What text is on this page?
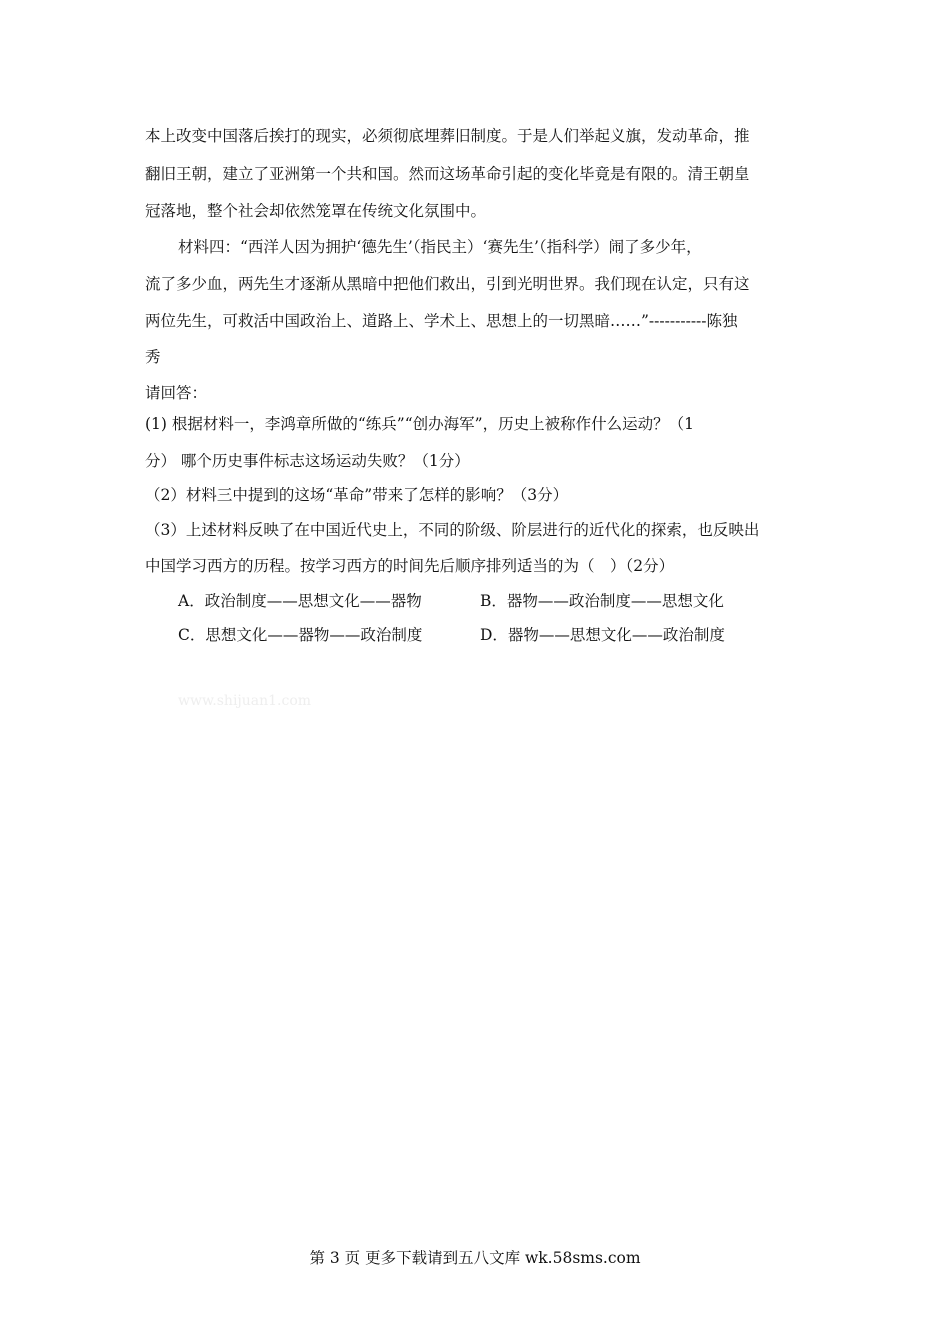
本上改变中国落后挨打的现实，必须彻底埋葬旧制度。于是人们举起义旗，发动革命，推
翻旧王朝，建立了亚洲第一个共和国。然而这场革命引起的变化毕竟是有限的。清王朝皇
冠落地，整个社会却依然笼罩在传统文化氛围中。
材料四：“西洋人因为拥护‘德先生’（指民主）‘赛先生’（指科学）闹了多少年，
流了多少血，两先生才逐渐从黑暗中把他们救出，引到光明世界。我们现在认定，只有这
两位先生，可救活中国政治上、道路上、学术上、思想上的一切黑暗……”-----------陈独
秀
请回答：
(1) 根据材料一，李鸿章所做的“练兵”“创办海军”，历史上被称作什么运动？（1
分） 哪个历史事件标志这场运动失败？（1分）
（2）材料三中提到的这场“革命”带来了怎样的影响？（3分）
（3）上述材料反映了在中国近代史上，不同的阶级、阶层进行的近代化的探索，也反映出
中国学习西方的历程。按学习西方的时间先后顺序排列适当的为（　）（2分）
A．政治制度——思想文化——器物	B．器物——政治制度——思想文化
C．思想文化——器物——政治制度	D．器物——思想文化——政治制度
www.shijuan1.com
第 3 页 更多下载请到五八文库 wk.58sms.com
